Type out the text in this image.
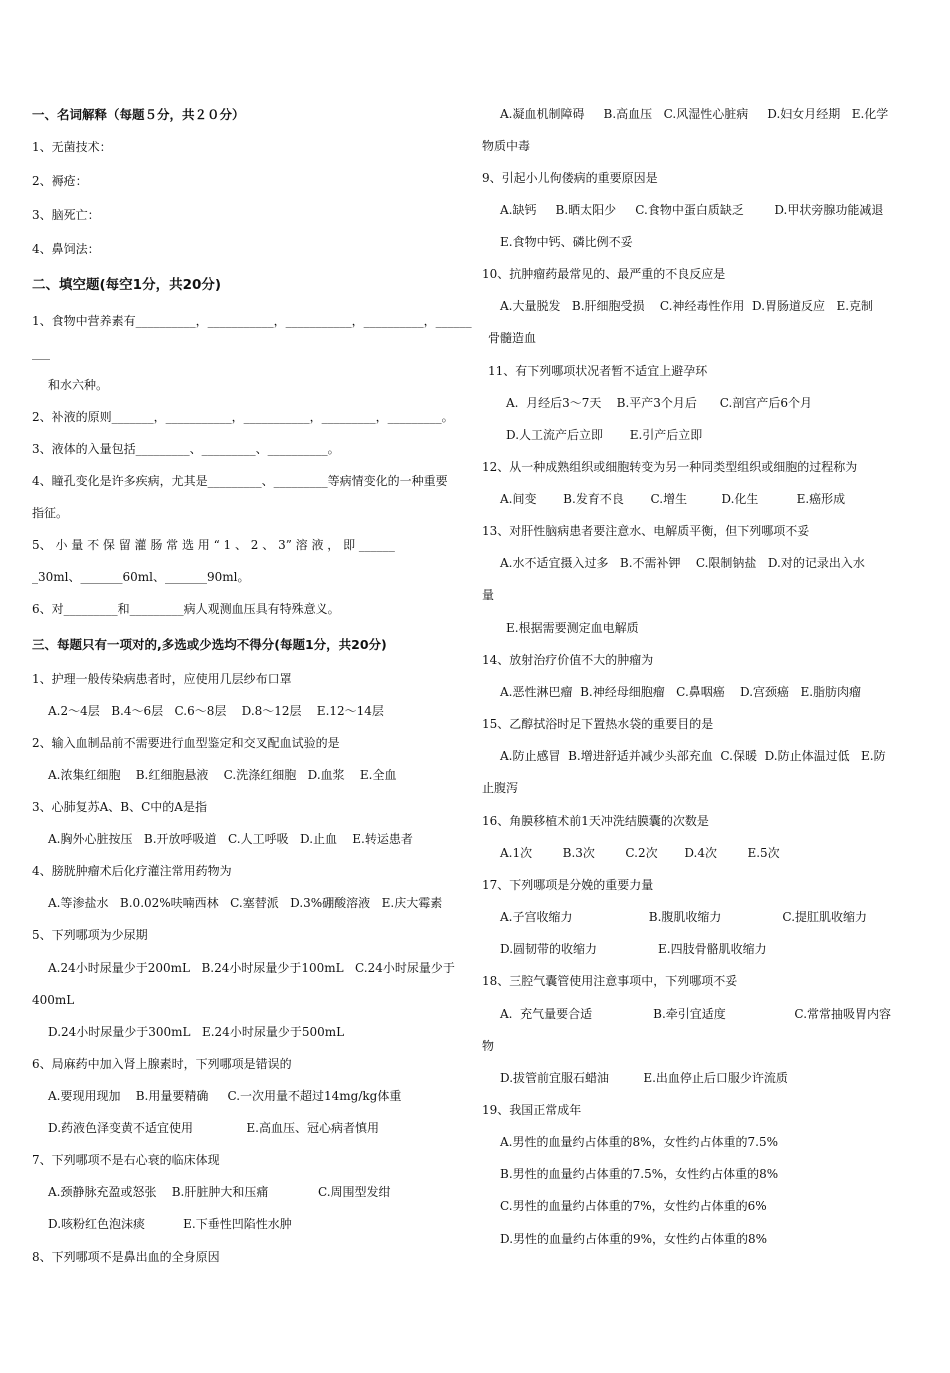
一、名词解释（每题５分，共２０分）
1、无菌技术：
2、褥疮：
3、脑死亡：
4、鼻饲法：
二、填空题(每空1分，共20分)
1、食物中营养素有__________，___________，___________，__________，______
___
和水六种。
2、补液的原则_______，___________，___________，_________，_________。
3、液体的入量包括_________、_________、__________。
4、瞳孔变化是许多疾病，尤其是_________、_________等病情变化的一种重要
指征。
5、 小 量 不 保 留 灌 肠 常 选 用 “ 1 、 2 、 3” 溶 液 ， 即 ______
_30ml、_______60ml、_______90ml。
6、对_________和_________病人观测血压具有特殊意义。
三、每题只有一项对的,多选或少选均不得分(每题1分，共20分)
1、护理一般传染病患者时，应使用几层纱布口罩
A.2～4层   B.4～6层   C.6～8层    D.8～12层    E.12～14层
2、输入血制品前不需要进行血型鉴定和交叉配血试验的是
A.浓集红细胞    B.红细胞悬液    C.洗涤红细胞   D.血浆    E.全血
3、心肺复苏A、B、C中的A是指
A.胸外心脏按压   B.开放呼吸道   C.人工呼吸   D.止血    E.转运患者
4、膀胱肿瘤术后化疗灌注常用药物为
A.等渗盐水   B.0.02%呋喃西林   C.塞替派   D.3%硼酸溶液   E.庆大霉素
5、下列哪项为少尿期
A.24小时尿量少于200mL   B.24小时尿量少于100mL   C.24小时尿量少于
400mL
D.24小时尿量少于300mL   E.24小时尿量少于500mL
6、局麻药中加入肾上腺素时，下列哪项是错误的
A.要现用现加    B.用量要精确     C.一次用量不超过14mg/kg体重
D.药液色泽变黄不适宜使用              E.高血压、冠心病者慎用
7、下列哪项不是右心衰的临床体现
A.颈静脉充盈或怒张    B.肝脏肿大和压痛             C.周围型发绀
D.咳粉红色泡沫痰          E.下垂性凹陷性水肿
8、下列哪项不是鼻出血的全身原因
A.凝血机制障碍     B.高血压   C.风湿性心脏病     D.妇女月经期   E.化学
物质中毒
9、引起小儿佝偻病的重要原因是
A.缺钙     B.晒太阳少     C.食物中蛋白质缺乏        D.甲状旁腺功能减退
E.食物中钙、磷比例不妥
10、抗肿瘤药最常见的、最严重的不良反应是
A.大量脱发   B.肝细胞受损    C.神经毒性作用  D.胃肠道反应   E.克制
骨髓造血
11、有下列哪项状况者暂不适宜上避孕环
A.  月经后3～7天    B.平产3个月后      C.剖宫产后6个月
D.人工流产后立即       E.引产后立即
12、从一种成熟组织或细胞转变为另一种同类型组织或细胞的过程称为
A.间变       B.发育不良       C.增生         D.化生          E.癌形成
13、对肝性脑病患者要注意水、电解质平衡，但下列哪项不妥
A.水不适宜摄入过多   B.不需补钾    C.限制钠盐   D.对的记录出入水
量
E.根据需要测定血电解质
14、放射治疗价值不大的肿瘤为
A.恶性淋巴瘤  B.神经母细胞瘤   C.鼻咽癌    D.宫颈癌   E.脂肪肉瘤
15、乙醇拭浴时足下置热水袋的重要目的是
A.防止感冒  B.增进舒适并减少头部充血  C.保暖  D.防止体温过低   E.防
止腹泻
16、角膜移植术前1天冲洗结膜囊的次数是
A.1次        B.3次        C.2次       D.4次        E.5次
17、下列哪项是分娩的重要力量
A.子宫收缩力                    B.腹肌收缩力                C.提肛肌收缩力
D.圆韧带的收缩力                E.四肢骨骼肌收缩力
18、三腔气囊管使用注意事项中，下列哪项不妥
A.  充气量要合适                B.牵引宜适度                  C.常常抽吸胃内容
物
D.拔管前宜服石蜡油         E.出血停止后口服少许流质
19、我国正常成年
A.男性的血量约占体重的8%，女性约占体重的7.5%
B.男性的血量约占体重的7.5%，女性约占体重的8%
C.男性的血量约占体重的7%，女性约占体重的6%
D.男性的血量约占体重的9%，女性约占体重的8%
